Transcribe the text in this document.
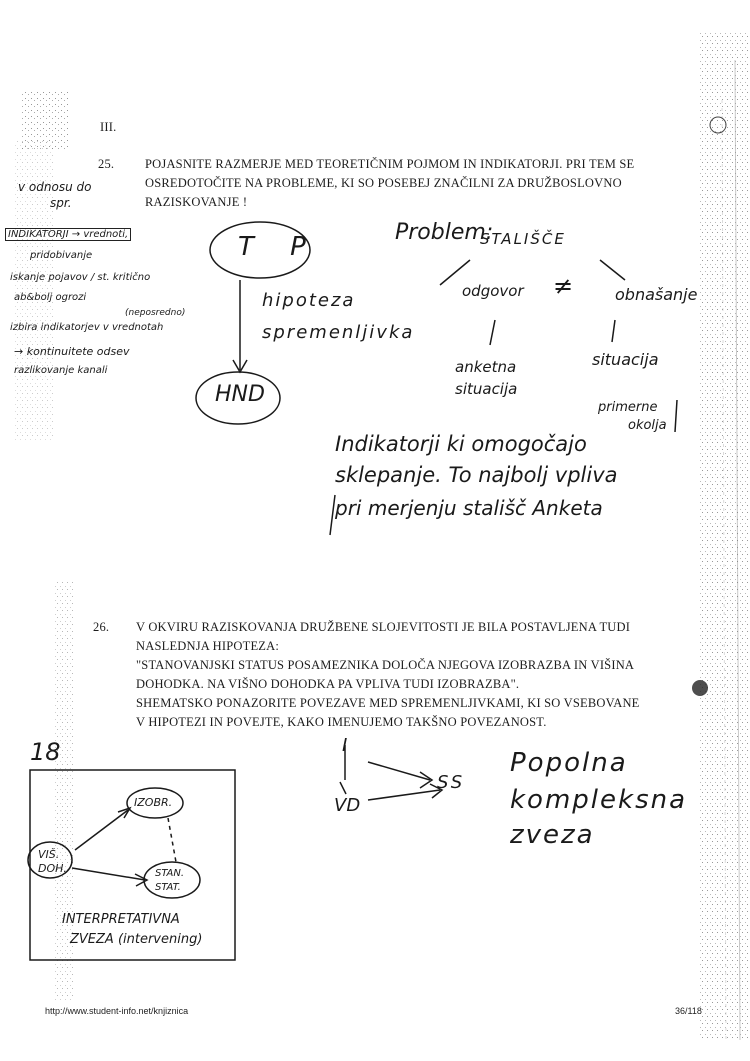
III.
25. POJASNITE RAZMERJE MED TEORETIČNIM POJMOM IN INDIKATORJI. PRI TEM SE
OSREDOTOČITE NA PROBLEME, KI SO POSEBEJ ZNAČILNI ZA DRUŽBOSLOVNO
RAZISKOVANJE !
26. V OKVIRU RAZISKOVANJA DRUŽBENE SLOJEVITOSTI JE BILA POSTAVLJENA TUDI
NASLEDNJA HIPOTEZA:
"STANOVANJSKI STATUS POSAMEZNIKA DOLOČA NJEGOVA IZOBRAZBA IN VIŠINA
DOHODKA. NA VIŠNO DOHODKA PA VPLIVA TUDI IZOBRAZBA".
SHEMATSKO PONAZORITE POVEZAVE MED SPREMENLJIVKAMI, KI SO VSEBOVANE
V HIPOTEZI IN POVEJTE, KAKO IMENUJEMO TAKŠNO POVEZANOST.
v odnosu do
spr.
INDIKATORJI → vrednoti,
pridobivanje
iskanje pojavov / st. kritično
ab&bolj ogrozi
(neposredno)
izbira indikatorjev v vrednotah
→ kontinuitete odsev
razlikovanje kanali
T P
HND
hipoteza
spremenljivka
Problem:
STALIŠČE
odgovor ≠	obnašanje
anketna
situacija
situacija
primerne
okolja
Indikatorji ki omogočajo
sklepanje. To najbolj vpliva
pri merjenju stališč Anketa
18	I
VD
SS
Popolna
kompleksna
zveza
IZOBR.
VIŠ.
DOH.	STAN.
STAT.
INTERPRETATIVNA
ZVEZA (intervening)
http://www.student-info.net/knjiznica	36/118
